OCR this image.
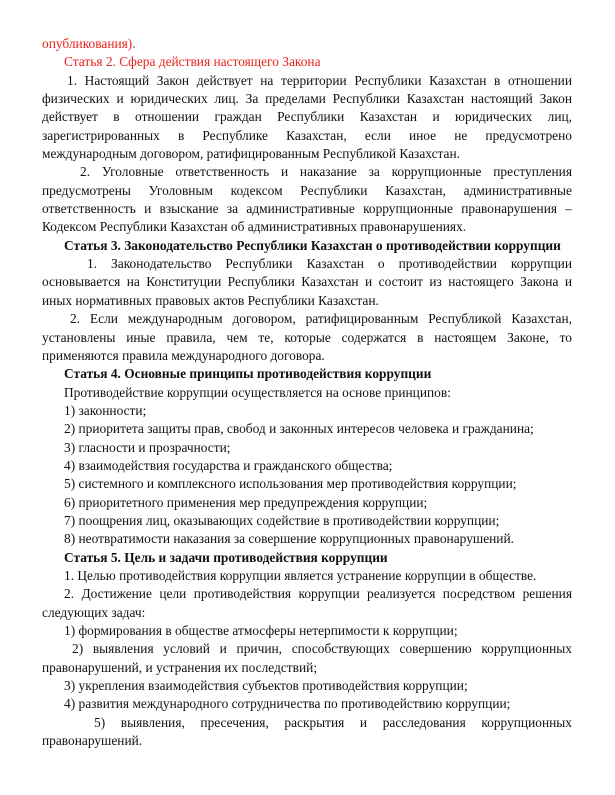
опубликования).
Статья 2. Сфера действия настоящего Закона
1. Настоящий Закон действует на территории Республики Казахстан в отношении
физических и юридических лиц. За пределами Республики Казахстан настоящий Закон
действует в отношении граждан Республики Казахстан и юридических лиц,
зарегистрированных в Республике Казахстан, если иное не предусмотрено
международным договором, ратифицированным Республикой Казахстан.
2. Уголовные ответственность и наказание за коррупционные преступления
предусмотрены Уголовным кодексом Республики Казахстан, административные
ответственность и взыскание за административные коррупционные правонарушения –
Кодексом Республики Казахстан об административных правонарушениях.
Статья 3. Законодательство Республики Казахстан о противодействии коррупции
1. Законодательство Республики Казахстан о противодействии коррупции
основывается на Конституции Республики Казахстан и состоит из настоящего Закона и
иных нормативных правовых актов Республики Казахстан.
2. Если международным договором, ратифицированным Республикой Казахстан,
установлены иные правила, чем те, которые содержатся в настоящем Законе, то
применяются правила международного договора.
Статья 4. Основные принципы противодействия коррупции
Противодействие коррупции осуществляется на основе принципов:
1) законности;
2) приоритета защиты прав, свобод и законных интересов человека и гражданина;
3) гласности и прозрачности;
4) взаимодействия государства и гражданского общества;
5) системного и комплексного использования мер противодействия коррупции;
6) приоритетного применения мер предупреждения коррупции;
7) поощрения лиц, оказывающих содействие в противодействии коррупции;
8) неотвратимости наказания за совершение коррупционных правонарушений.
Статья 5. Цель и задачи противодействия коррупции
1. Целью противодействия коррупции является устранение коррупции в обществе.
2. Достижение цели противодействия коррупции реализуется посредством решения
следующих задач:
1) формирования в обществе атмосферы нетерпимости к коррупции;
2) выявления условий и причин, способствующих совершению коррупционных
правонарушений, и устранения их последствий;
3) укрепления взаимодействия субъектов противодействия коррупции;
4) развития международного сотрудничества по противодействию коррупции;
5) выявления, пресечения, раскрытия и расследования коррупционных
правонарушений.
